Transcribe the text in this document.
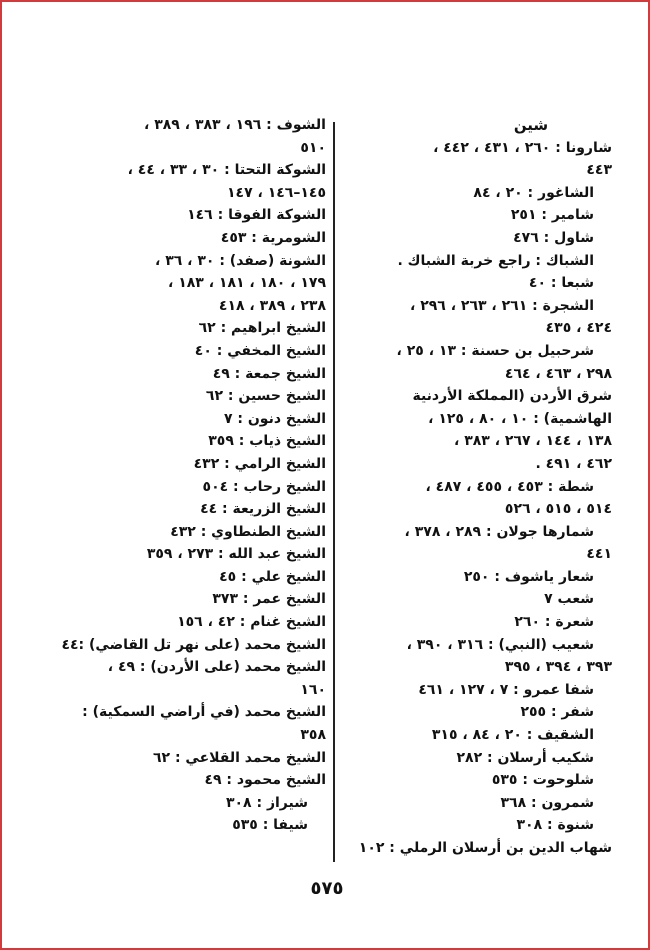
شين

شارونا : ٢٦٠ ، ٤٣١ ، ٤٤٢ ،

٤٤٣

الشاغور : ٢٠ ، ٨٤

شامير : ٢٥١

شاول : ٤٧٦

الشباك : راجع خربة الشباك .

شبعا : ٤٠

الشجرة : ٢٦١ ، ٢٦٣ ، ٢٩٦ ،

٤٢٤ ، ٤٣٥

شرحبيل بن حسنة : ١٣ ، ٢٥ ،

٢٩٨ ، ٤٦٣ ، ٤٦٤

شرق الأردن (المملكة الأردنية

الهاشمية) : ١٠ ، ٨٠ ، ١٢٥ ،

١٣٨ ، ١٤٤ ، ٢٦٧ ، ٣٨٣ ،

٤٦٢ ، ٤٩١ .

شطة : ٤٥٣ ، ٤٥٥ ، ٤٨٧ ،

٥١٤ ، ٥١٥ ، ٥٢٦

شمارها جولان : ٢٨٩ ، ٣٧٨ ،

٤٤١

شعار ياشوف : ٢٥٠

شعب ٧

شعرة : ٢٦٠

شعيب (النبي) : ٣١٦ ، ٣٩٠ ،

٣٩٣ ، ٣٩٤ ، ٣٩٥

شفا عمرو : ٧ ، ١٢٧ ، ٤٦١

شفر : ٢٥٥

الشقيف : ٢٠ ، ٨٤ ، ٣١٥

شكيب أرسلان : ٢٨٢

شلوحوت : ٥٣٥

شمرون : ٣٦٨

شنوة : ٣٠٨

شهاب الدين بن أرسلان الرملي : ١٠٢

الشوف : ١٩٦ ، ٣٨٣ ، ٣٨٩ ،

٥١٠

الشوكة التحتا : ٣٠ ، ٣٣ ، ٤٤ ،

١٤٥–١٤٦ ، ١٤٧

الشوكة الفوقا : ١٤٦

الشومرية : ٤٥٣

الشونة (صفد) : ٣٠ ، ٣٦ ،

١٧٩ ، ١٨٠ ، ١٨١ ، ١٨٣ ،

٢٣٨ ، ٣٨٩ ، ٤١٨

الشيخ ابراهيم : ٦٢

الشيخ المخفي : ٤٠

الشيخ جمعة : ٤٩

الشيخ حسين : ٦٢

الشيخ دنون : ٧

الشيخ ذياب : ٣٥٩

الشيخ الرامي : ٤٣٢

الشيخ رحاب : ٥٠٤

الشيخ الزريعة : ٤٤

الشيخ الطنطاوي : ٤٣٢

الشيخ عبد الله : ٢٧٣ ، ٣٥٩

الشيخ علي : ٤٥

الشيخ عمر : ٣٧٣

الشيخ غنام : ٤٢ ، ١٥٦

الشيخ محمد (على نهر تل القاضي) :٤٤

الشيخ محمد (على الأردن) : ٤٩ ،

١٦٠

الشيخ محمد (في أراضي السمكية) :

٣٥٨

الشيخ محمد القلاعي : ٦٢

الشيخ محمود : ٤٩

شيراز : ٣٠٨

شيفا : ٥٣٥

٥٧٥
